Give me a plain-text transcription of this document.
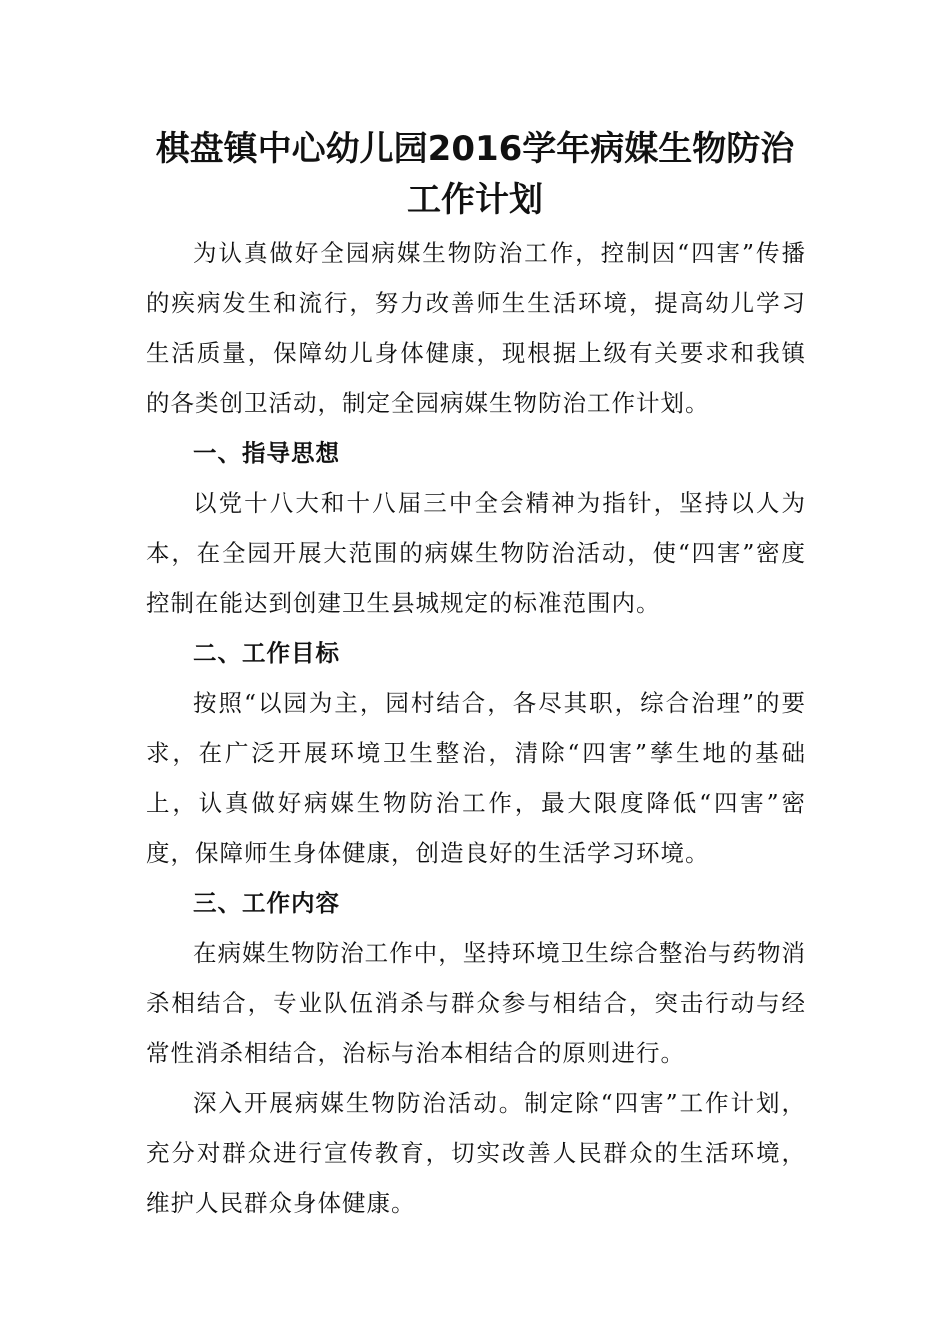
棋盘镇中心幼儿园2016学年病媒生物防治
工作计划

为认真做好全园病媒生物防治工作，控制因“四害”传播的疾病发生和流行，努力改善师生生活环境，提高幼儿学习生活质量，保障幼儿身体健康，现根据上级有关要求和我镇的各类创卫活动，制定全园病媒生物防治工作计划。

一、指导思想

以党十八大和十八届三中全会精神为指针，坚持以人为本，在全园开展大范围的病媒生物防治活动，使“四害”密度控制在能达到创建卫生县城规定的标准范围内。

二、工作目标

按照“以园为主，园村结合，各尽其职，综合治理”的要求，在广泛开展环境卫生整治，清除“四害”孳生地的基础上，认真做好病媒生物防治工作，最大限度降低“四害”密度，保障师生身体健康，创造良好的生活学习环境。

三、工作内容

在病媒生物防治工作中，坚持环境卫生综合整治与药物消杀相结合，专业队伍消杀与群众参与相结合，突击行动与经常性消杀相结合，治标与治本相结合的原则进行。

深入开展病媒生物防治活动。制定除“四害”工作计划，充分对群众进行宣传教育，切实改善人民群众的生活环境，维护人民群众身体健康。
